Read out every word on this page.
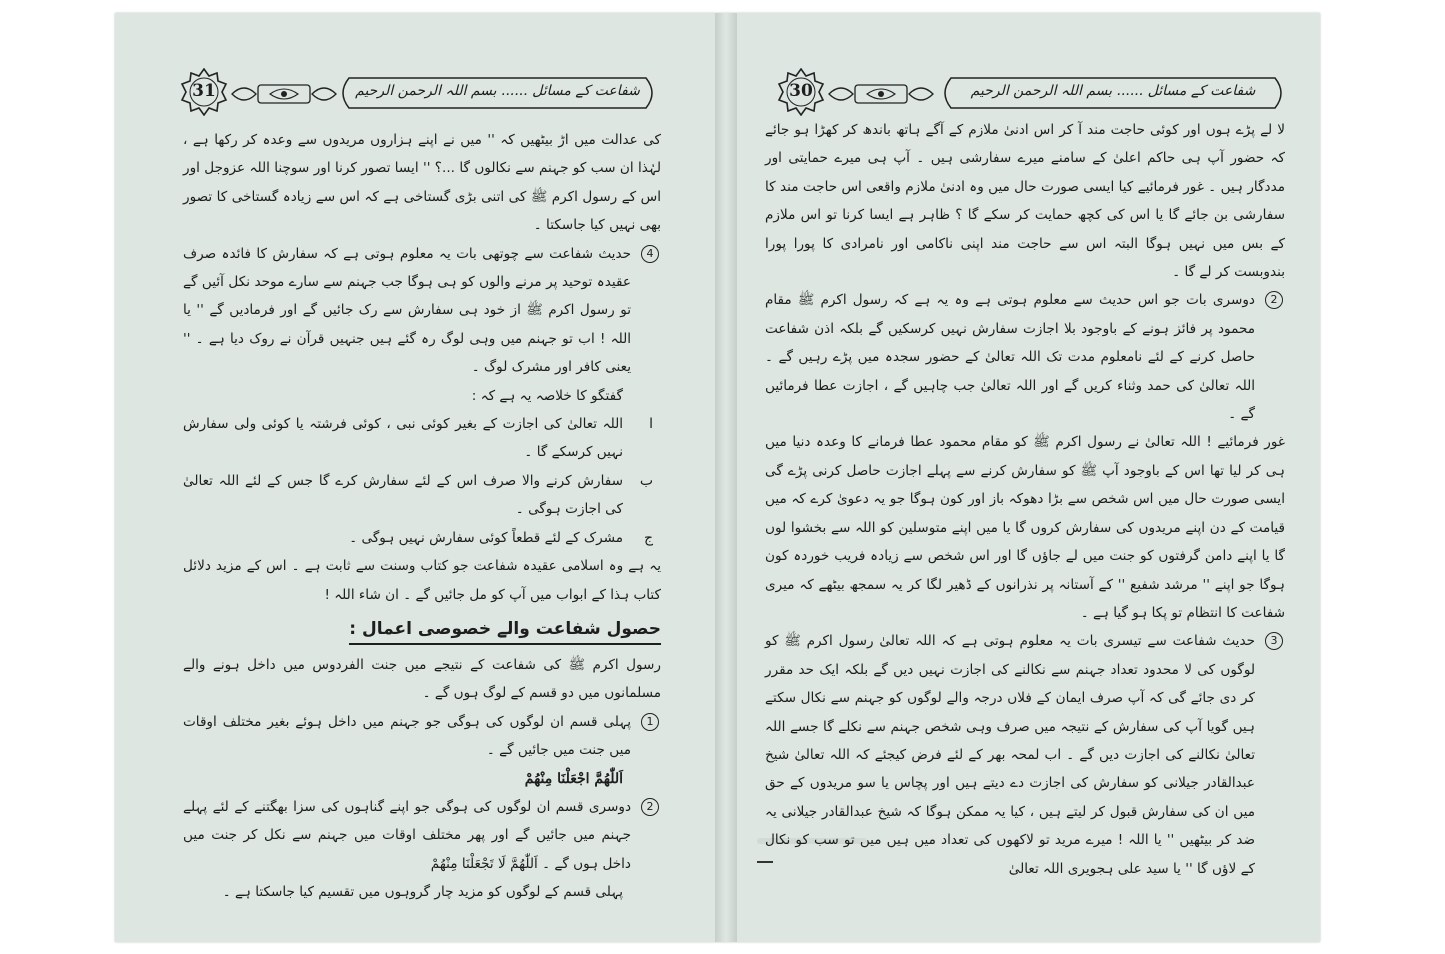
31	شفاعت کے مسائل ...... بسم اللہ الرحمن الرحیم

کی عدالت میں اڑ بیٹھیں کہ '' میں نے اپنے ہزاروں مریدوں سے وعدہ کر رکھا ہے ، لہٰذا ان سب کو جہنم سے نکالوں گا ...؟ '' ایسا تصور کرنا اور سوچنا اللہ عزوجل اور اس کے رسول اکرم ﷺ کی اتنی بڑی گستاخی ہے کہ اس سے زیادہ گستاخی کا تصور بھی نہیں کیا جاسکتا ۔

4
حدیث شفاعت سے چوتھی بات یہ معلوم ہوتی ہے کہ سفارش کا فائدہ صرف عقیدہ توحید پر مرنے والوں کو ہی ہوگا جب جہنم سے سارے موحد نکل آئیں گے تو رسول اکرم ﷺ از خود ہی سفارش سے رک جائیں گے اور فرمادیں گے '' یا اللہ ! اب تو جہنم میں وہی لوگ رہ گئے ہیں جنہیں قرآن نے روک دیا ہے ۔ '' یعنی کافر اور مشرک لوگ ۔

گفتگو کا خلاصہ یہ ہے کہ :

ا
اللہ تعالیٰ کی اجازت کے بغیر کوئی نبی ، کوئی فرشتہ یا کوئی ولی سفارش نہیں کرسکے گا ۔
ب
سفارش کرنے والا صرف اس کے لئے سفارش کرے گا جس کے لئے اللہ تعالیٰ کی اجازت ہوگی ۔
ج
مشرک کے لئے قطعاً کوئی سفارش نہیں ہوگی ۔

یہ ہے وہ اسلامی عقیدہ شفاعت جو کتاب وسنت سے ثابت ہے ۔ اس کے مزید دلائل کتاب ہذا کے ابواب میں آپ کو مل جائیں گے ۔ ان شاء اللہ !

حصول شفاعت والے خصوصی اعمال :

رسول اکرم ﷺ کی شفاعت کے نتیجے میں جنت الفردوس میں داخل ہونے والے مسلمانوں میں دو قسم کے لوگ ہوں گے ۔

1
پہلی قسم ان لوگوں کی ہوگی جو جہنم میں داخل ہوئے بغیر مختلف اوقات میں جنت میں جائیں گے ۔

اَللّٰهُمَّ اجْعَلْنَا مِنْهُمْ

2
دوسری قسم ان لوگوں کی ہوگی جو اپنے گناہوں کی سزا بھگتنے کے لئے پہلے جہنم میں جائیں گے اور پھر مختلف اوقات میں جہنم سے نکل کر جنت میں داخل ہوں گے ۔ اَللّٰهُمَّ لَا تَجْعَلْنَا مِنْهُمْ

پہلی قسم کے لوگوں کو مزید چار گروہوں میں تقسیم کیا جاسکتا ہے ۔

30	شفاعت کے مسائل ...... بسم اللہ الرحمن الرحیم

لا لے پڑے ہوں اور کوئی حاجت مند آ کر اس ادنیٰ ملازم کے آگے ہاتھ باندھ کر کھڑا ہو جائے کہ حضور آپ ہی حاکم اعلیٰ کے سامنے میرے سفارشی ہیں ۔ آپ ہی میرے حمایتی اور مددگار ہیں ۔ غور فرمائیے کیا ایسی صورت حال میں وہ ادنیٰ ملازم واقعی اس حاجت مند کا سفارشی بن جائے گا یا اس کی کچھ حمایت کر سکے گا ؟ ظاہر ہے ایسا کرنا تو اس ملازم کے بس میں نہیں ہوگا البتہ اس سے حاجت مند اپنی ناکامی اور نامرادی کا پورا پورا بندوبست کر لے گا ۔

2
دوسری بات جو اس حدیث سے معلوم ہوتی ہے وہ یہ ہے کہ رسول اکرم ﷺ مقام محمود پر فائز ہونے کے باوجود بلا اجازت سفارش نہیں کرسکیں گے بلکہ اذن شفاعت حاصل کرنے کے لئے نامعلوم مدت تک اللہ تعالیٰ کے حضور سجدہ میں پڑے رہیں گے ۔ اللہ تعالیٰ کی حمد وثناء کریں گے اور اللہ تعالیٰ جب چاہیں گے ، اجازت عطا فرمائیں گے ۔

غور فرمائیے ! اللہ تعالیٰ نے رسول اکرم ﷺ کو مقام محمود عطا فرمانے کا وعدہ دنیا میں ہی کر لیا تھا اس کے باوجود آپ ﷺ کو سفارش کرنے سے پہلے اجازت حاصل کرنی پڑے گی ایسی صورت حال میں اس شخص سے بڑا دھوکہ باز اور کون ہوگا جو یہ دعویٰ کرے کہ میں قیامت کے دن اپنے مریدوں کی سفارش کروں گا یا میں اپنے متوسلین کو اللہ سے بخشوا لوں گا یا اپنے دامن گرفتوں کو جنت میں لے جاؤں گا اور اس شخص سے زیادہ فریب خوردہ کون ہوگا جو اپنے '' مرشد شفیع '' کے آستانہ پر نذرانوں کے ڈھیر لگا کر یہ سمجھ بیٹھے کہ میری شفاعت کا انتظام تو پکا ہو گیا ہے ۔

3
حدیث شفاعت سے تیسری بات یہ معلوم ہوتی ہے کہ اللہ تعالیٰ رسول اکرم ﷺ کو لوگوں کی لا محدود تعداد جہنم سے نکالنے کی اجازت نہیں دیں گے بلکہ ایک حد مقرر کر دی جائے گی کہ آپ صرف ایمان کے فلاں درجہ والے لوگوں کو جہنم سے نکال سکتے ہیں گویا آپ کی سفارش کے نتیجہ میں صرف وہی شخص جہنم سے نکلے گا جسے اللہ تعالیٰ نکالنے کی اجازت دیں گے ۔ اب لمحہ بھر کے لئے فرض کیجئے کہ اللہ تعالیٰ شیخ عبدالقادر جیلانی کو سفارش کی اجازت دے دیتے ہیں اور پچاس یا سو مریدوں کے حق میں ان کی سفارش قبول کر لیتے ہیں ، کیا یہ ممکن ہوگا کہ شیخ عبدالقادر جیلانی یہ ضد کر بیٹھیں '' یا اللہ ! میرے مرید تو لاکھوں کی تعداد میں ہیں میں تو سب کو نکال کے لاؤں گا '' یا سید علی ہجویری اللہ تعالیٰ
